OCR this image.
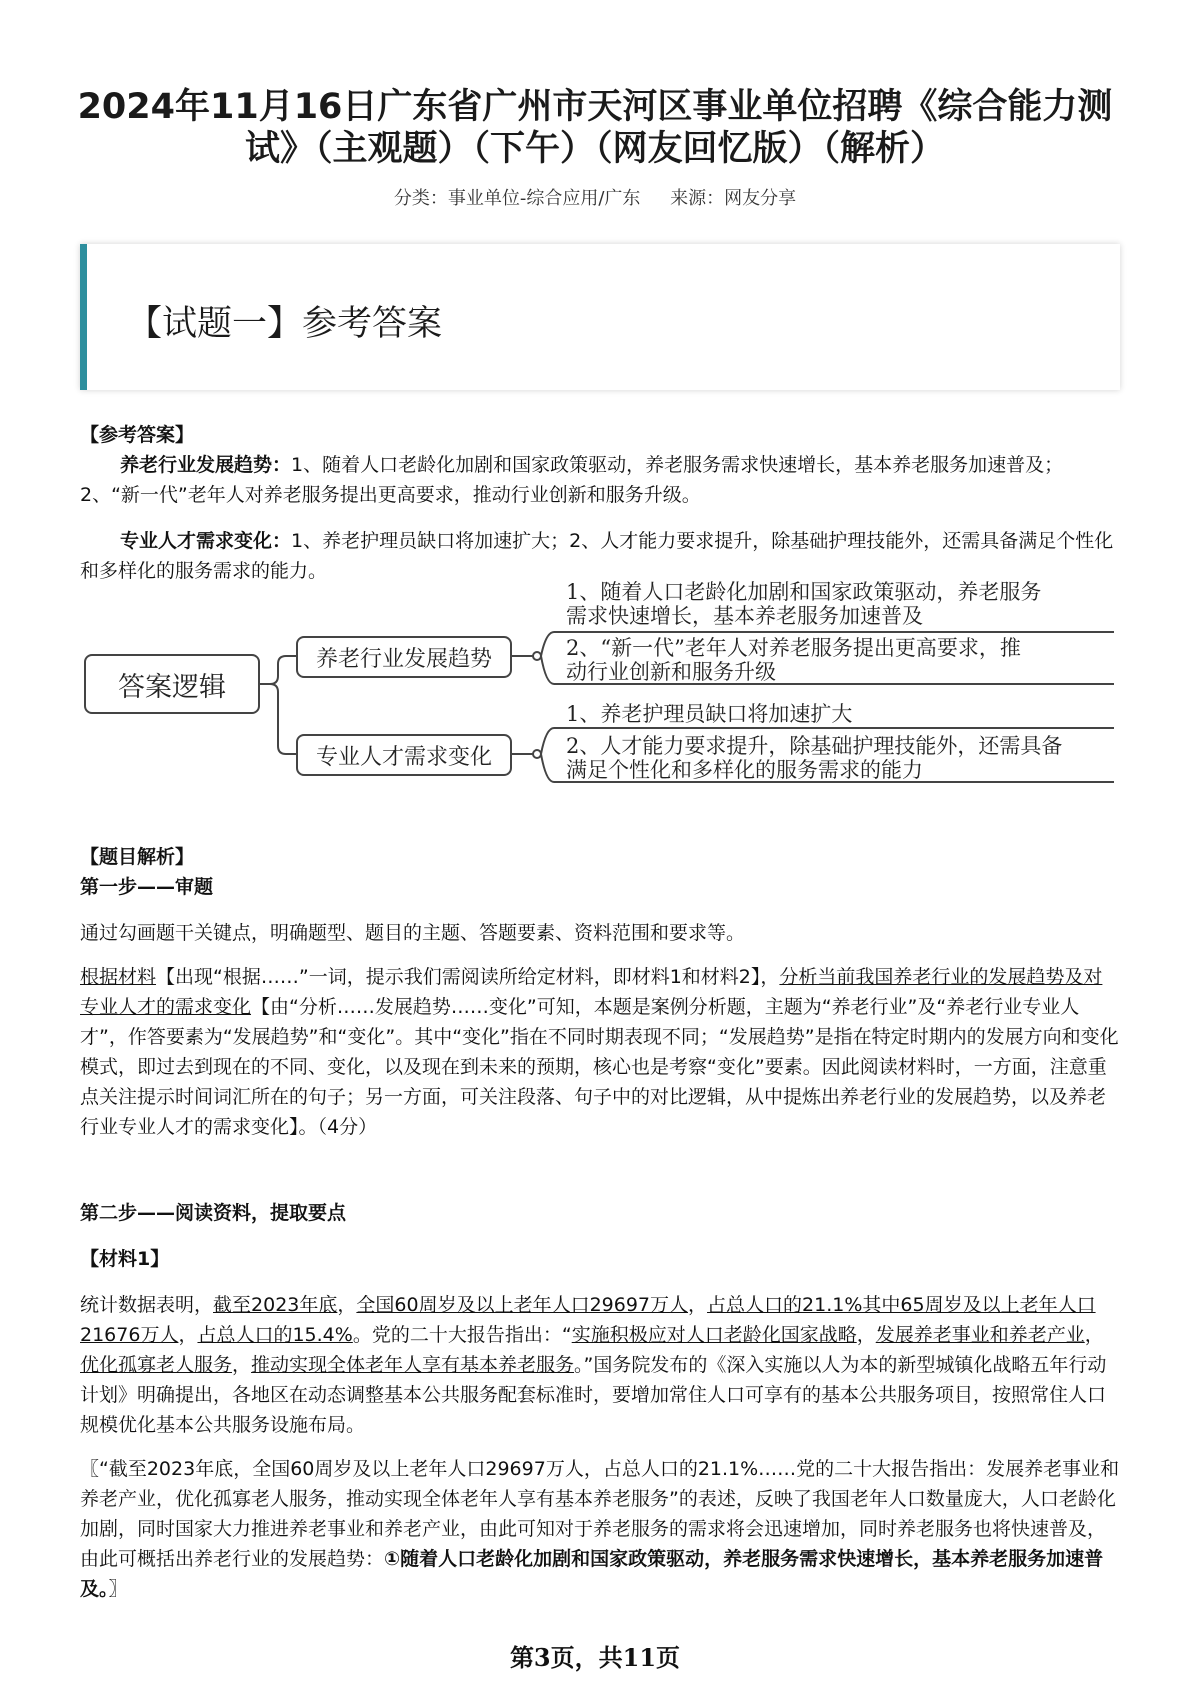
2024年11月16日广东省广州市天河区事业单位招聘《综合能力测试》（主观题）（下午）（网友回忆版）（解析）
分类：事业单位-综合应用/广东 来源：网友分享
【试题一】参考答案
【参考答案】
养老行业发展趋势：1、随着人口老龄化加剧和国家政策驱动，养老服务需求快速增长，基本养老服务加速普及；2、“新一代”老年人对养老服务提出更高要求，推动行业创新和服务升级。
专业人才需求变化：1、养老护理员缺口将加速扩大；2、人才能力要求提升，除基础护理技能外，还需具备满足个性化和多样化的服务需求的能力。
答案逻辑
养老行业发展趋势
专业人才需求变化
1、随着人口老龄化加剧和国家政策驱动，养老服务
需求快速增长，基本养老服务加速普及
2、“新一代”老年人对养老服务提出更高要求，推
动行业创新和服务升级
1、养老护理员缺口将加速扩大
2、人才能力要求提升，除基础护理技能外，还需具备
满足个性化和多样化的服务需求的能力
【题目解析】
第一步——审题
通过勾画题干关键点，明确题型、题目的主题、答题要素、资料范围和要求等。
根据材料【出现“根据……”一词，提示我们需阅读所给定材料，即材料1和材料2】，分析当前我国养老行业的发展趋势及对专业人才的需求变化【由“分析……发展趋势……变化”可知，本题是案例分析题，主题为“养老行业”及“养老行业专业人才”，作答要素为“发展趋势”和“变化”。其中“变化”指在不同时期表现不同；“发展趋势”是指在特定时期内的发展方向和变化模式，即过去到现在的不同、变化，以及现在到未来的预期，核心也是考察“变化”要素。因此阅读材料时，一方面，注意重点关注提示时间词汇所在的句子；另一方面，可关注段落、句子中的对比逻辑，从中提炼出养老行业的发展趋势，以及养老行业专业人才的需求变化】。（4分）
第二步——阅读资料，提取要点
【材料1】
统计数据表明，截至2023年底，全国60周岁及以上老年人口29697万人，占总人口的21.1%其中65周岁及以上老年人口21676万人，占总人口的15.4%。党的二十大报告指出：“实施积极应对人口老龄化国家战略，发展养老事业和养老产业，优化孤寡老人服务，推动实现全体老年人享有基本养老服务。”国务院发布的《深入实施以人为本的新型城镇化战略五年行动计划》明确提出，各地区在动态调整基本公共服务配套标准时，要增加常住人口可享有的基本公共服务项目，按照常住人口规模优化基本公共服务设施布局。
〖“截至2023年底，全国60周岁及以上老年人口29697万人，占总人口的21.1%……党的二十大报告指出：发展养老事业和养老产业，优化孤寡老人服务，推动实现全体老年人享有基本养老服务”的表述，反映了我国老年人口数量庞大，人口老龄化加剧，同时国家大力推进养老事业和养老产业，由此可知对于养老服务的需求将会迅速增加，同时养老服务也将快速普及，由此可概括出养老行业的发展趋势：①随着人口老龄化加剧和国家政策驱动，养老服务需求快速增长，基本养老服务加速普及。〗
第3页，共11页
